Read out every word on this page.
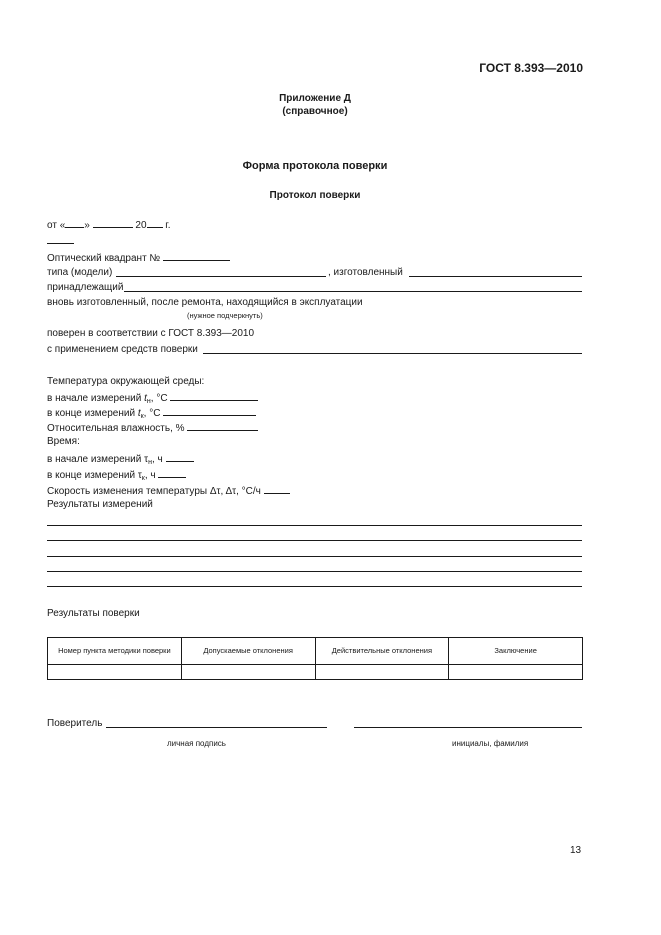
ГОСТ 8.393—2010
Приложение Д
(справочное)
Форма протокола поверки
Протокол поверки
от « »	20 г.
Оптический квадрант №
типа (модели)	, изготовленный
принадлежащий
вновь изготовленный, после ремонта, находящийся в эксплуатации
(нужное подчеркнуть)
поверен в соответствии с ГОСТ 8.393—2010
с применением средств поверки
Температура окружающей среды:
в начале измерений $t_н$, °С
в конце измерений $t_к$, °С
Относительная влажность, %
Время:
в начале измерений $\tau_н$, ч
в конце измерений $\tau_к$, ч
Скорость изменения температуры Δτ, Δτ, °С/ч
Результаты измерений
Результаты поверки
Номер пункта методики поверки	Допускаемые отклонения	Действительные отклонения	Заключение

Поверитель
личная подпись	инициалы, фамилия
13
